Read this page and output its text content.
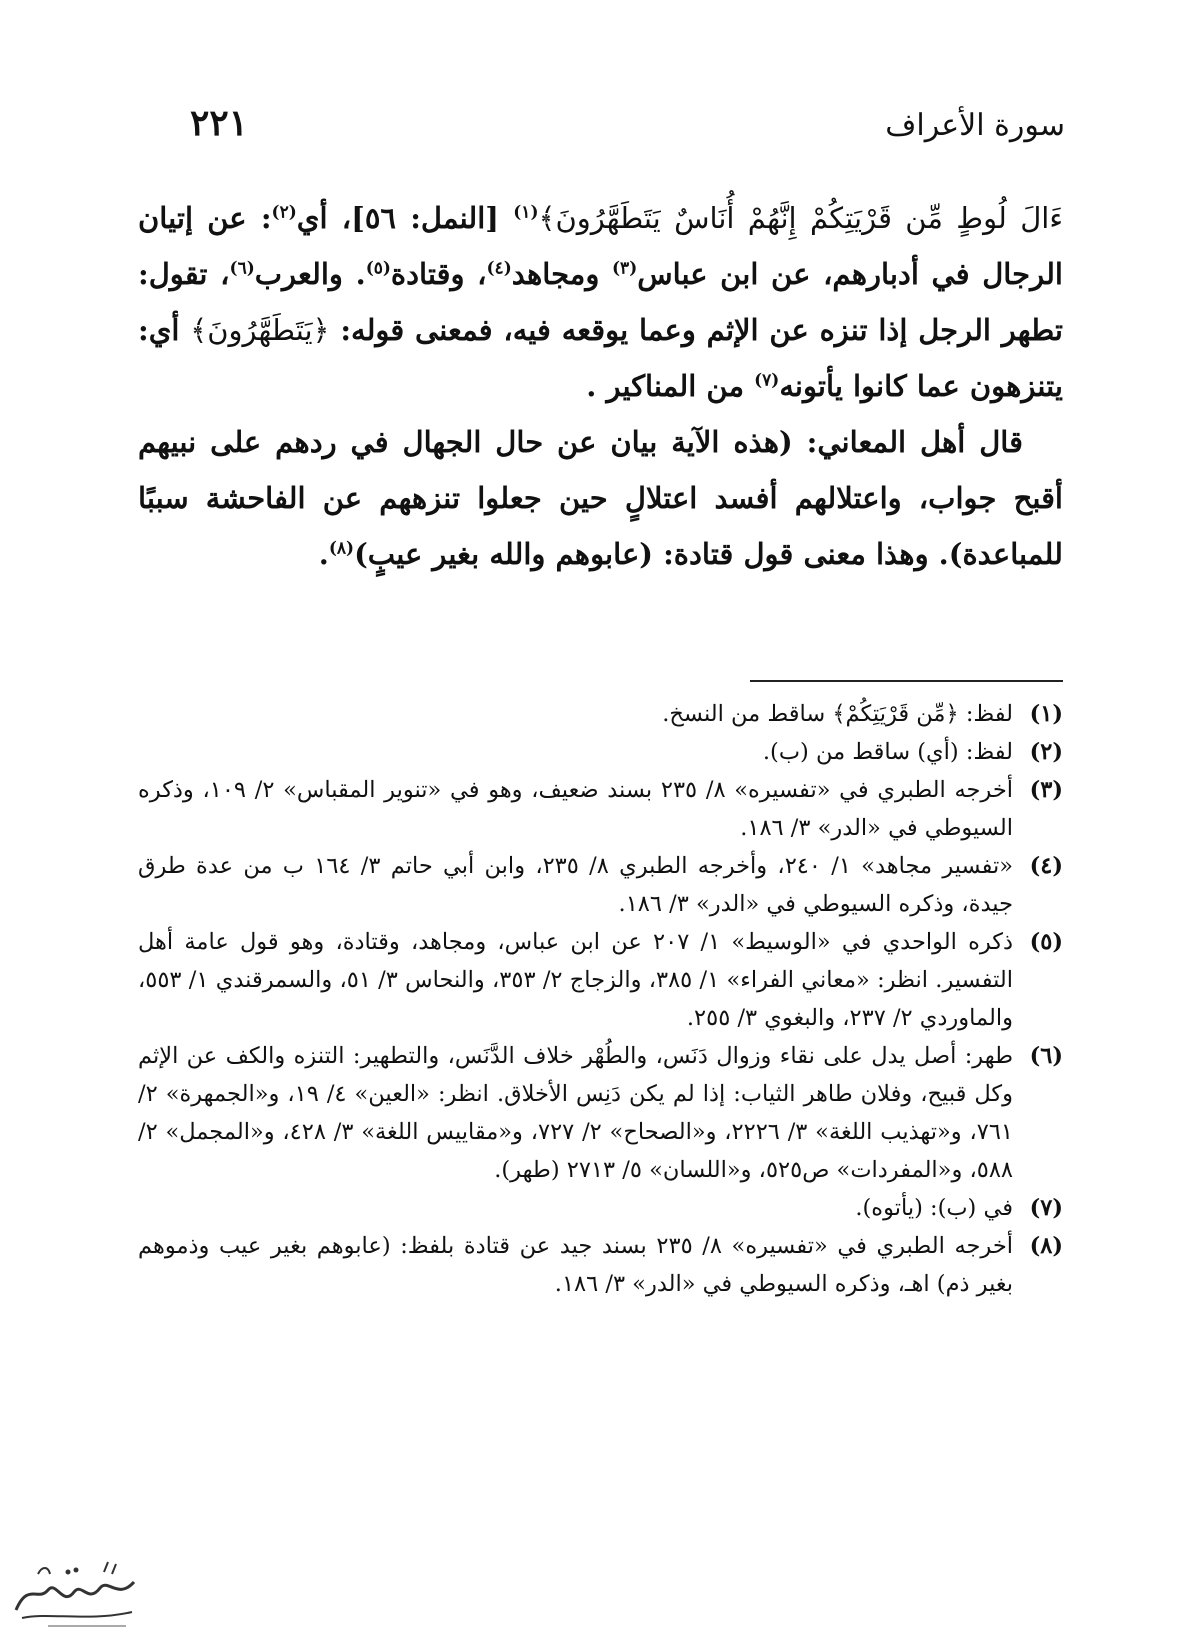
سورة الأعراف
٢٢١

ءَالَ لُوطٍ مِّن قَرْيَتِكُمْ إِنَّهُمْ أُنَاسٌ يَتَطَهَّرُونَ﴾$^{(١)}$ [النمل: ٥٦]، أي$^{(٢)}$: عن إتيان الرجال في أدبارهم، عن ابن عباس$^{(٣)}$ ومجاهد$^{(٤)}$، وقتادة$^{(٥)}$. والعرب$^{(٦)}$، تقول: تطهر الرجل إذا تنزه عن الإثم وعما يوقعه فيه، فمعنى قوله: ﴿يَتَطَهَّرُونَ﴾ أي: يتنزهون عما كانوا يأتونه$^{(٧)}$ من المناكير .

قال أهل المعاني: (هذه الآية بيان عن حال الجهال في ردهم على نبيهم أقبح جواب، واعتلالهم أفسد اعتلالٍ حين جعلوا تنزههم عن الفاحشة سببًا للمباعدة). وهذا معنى قول قتادة: (عابوهم والله بغير عيبٍ)$^{(٨)}$.

(١)
لفظ: ﴿مِّن قَرْيَتِكُمْ﴾ ساقط من النسخ.
(٢)
لفظ: (أي) ساقط من (ب).
(٣)
أخرجه الطبري في «تفسيره» ٨/ ٢٣٥ بسند ضعيف، وهو في «تنوير المقباس» ٢/ ١٠٩، وذكره السيوطي في «الدر» ٣/ ١٨٦.
(٤)
«تفسير مجاهد» ١/ ٢٤٠، وأخرجه الطبري ٨/ ٢٣٥، وابن أبي حاتم ٣/ ١٦٤ ب من عدة طرق جيدة، وذكره السيوطي في «الدر» ٣/ ١٨٦.
(٥)
ذكره الواحدي في «الوسيط» ١/ ٢٠٧ عن ابن عباس، ومجاهد، وقتادة، وهو قول عامة أهل التفسير. انظر: «معاني الفراء» ١/ ٣٨٥، والزجاج ٢/ ٣٥٣، والنحاس ٣/ ٥١، والسمرقندي ١/ ٥٥٣، والماوردي ٢/ ٢٣٧، والبغوي ٣/ ٢٥٥.
(٦)
طهر: أصل يدل على نقاء وزوال دَنَس، والطُهْر خلاف الدَّنَس، والتطهير: التنزه والكف عن الإثم وكل قبيح، وفلان طاهر الثياب: إذا لم يكن دَنِس الأخلاق. انظر: «العين» ٤/ ١٩، و«الجمهرة» ٢/ ٧٦١، و«تهذيب اللغة» ٣/ ٢٢٢٦، و«الصحاح» ٢/ ٧٢٧، و«مقاييس اللغة» ٣/ ٤٢٨، و«المجمل» ٢/ ٥٨٨، و«المفردات» ص٥٢٥، و«اللسان» ٥/ ٢٧١٣ (طهر).
(٧)
في (ب): (يأتوه).
(٨)
أخرجه الطبري في «تفسيره» ٨/ ٢٣٥ بسند جيد عن قتادة بلفظ: (عابوهم بغير عيب وذموهم بغير ذم) اهـ، وذكره السيوطي في «الدر» ٣/ ١٨٦.
